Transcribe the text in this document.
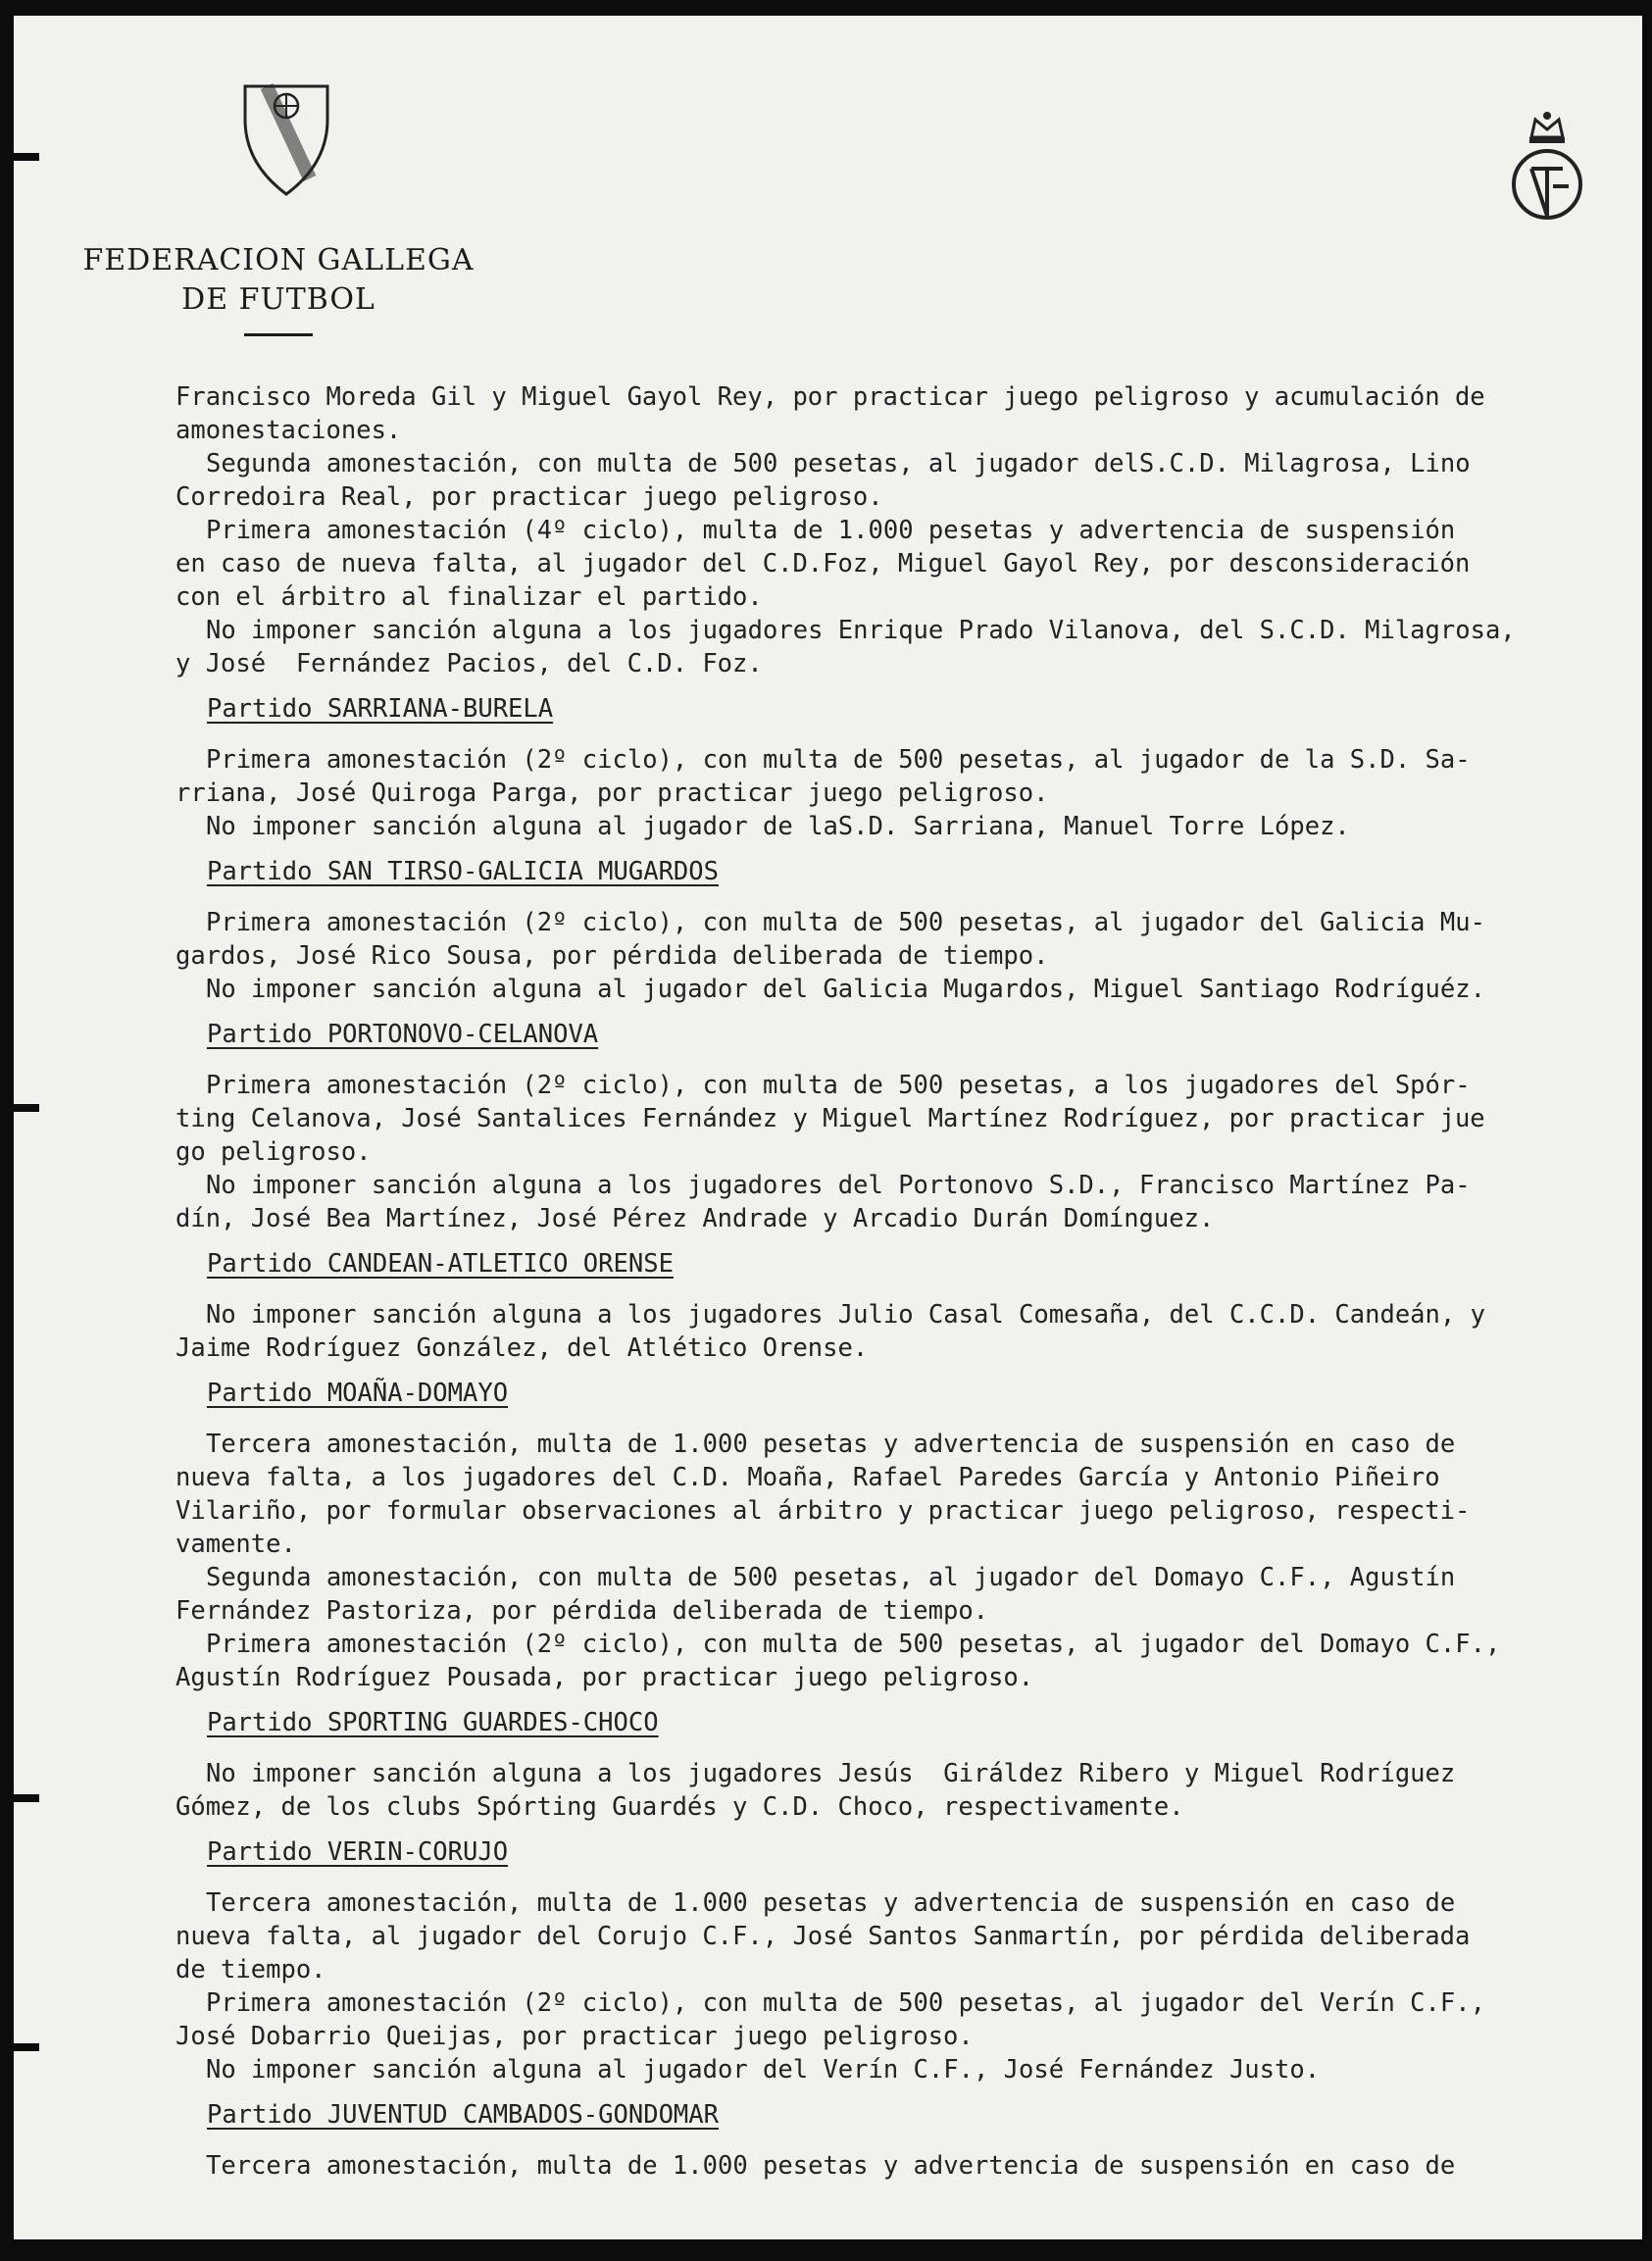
FEDERACION GALLEGA
DE FUTBOL
Francisco Moreda Gil y Miguel Gayol Rey, por practicar juego peligroso y acumulación de
amonestaciones.
Segunda amonestación, con multa de 500 pesetas, al jugador delS.C.D. Milagrosa, Lino
Corredoira Real, por practicar juego peligroso.
Primera amonestación (4º ciclo), multa de 1.000 pesetas y advertencia de suspensión
en caso de nueva falta, al jugador del C.D.Foz, Miguel Gayol Rey, por desconsideración
con el árbitro al finalizar el partido.
No imponer sanción alguna a los jugadores Enrique Prado Vilanova, del S.C.D. Milagrosa,
y José  Fernández Pacios, del C.D. Foz.
Partido SARRIANA-BURELA
Primera amonestación (2º ciclo), con multa de 500 pesetas, al jugador de la S.D. Sa-
rriana, José Quiroga Parga, por practicar juego peligroso.
No imponer sanción alguna al jugador de laS.D. Sarriana, Manuel Torre López.
Partido SAN TIRSO-GALICIA MUGARDOS
Primera amonestación (2º ciclo), con multa de 500 pesetas, al jugador del Galicia Mu-
gardos, José Rico Sousa, por pérdida deliberada de tiempo.
No imponer sanción alguna al jugador del Galicia Mugardos, Miguel Santiago Rodríguéz.
Partido PORTONOVO-CELANOVA
Primera amonestación (2º ciclo), con multa de 500 pesetas, a los jugadores del Spór-
ting Celanova, José Santalices Fernández y Miguel Martínez Rodríguez, por practicar jue
go peligroso.
No imponer sanción alguna a los jugadores del Portonovo S.D., Francisco Martínez Pa-
dín, José Bea Martínez, José Pérez Andrade y Arcadio Durán Domínguez.
Partido CANDEAN-ATLETICO ORENSE
No imponer sanción alguna a los jugadores Julio Casal Comesaña, del C.C.D. Candeán, y
Jaime Rodríguez González, del Atlético Orense.
Partido MOAÑA-DOMAYO
Tercera amonestación, multa de 1.000 pesetas y advertencia de suspensión en caso de
nueva falta, a los jugadores del C.D. Moaña, Rafael Paredes García y Antonio Piñeiro
Vilariño, por formular observaciones al árbitro y practicar juego peligroso, respecti-
vamente.
Segunda amonestación, con multa de 500 pesetas, al jugador del Domayo C.F., Agustín
Fernández Pastoriza, por pérdida deliberada de tiempo.
Primera amonestación (2º ciclo), con multa de 500 pesetas, al jugador del Domayo C.F.,
Agustín Rodríguez Pousada, por practicar juego peligroso.
Partido SPORTING GUARDES-CHOCO
No imponer sanción alguna a los jugadores Jesús  Giráldez Ribero y Miguel Rodríguez
Gómez, de los clubs Spórting Guardés y C.D. Choco, respectivamente.
Partido VERIN-CORUJO
Tercera amonestación, multa de 1.000 pesetas y advertencia de suspensión en caso de
nueva falta, al jugador del Corujo C.F., José Santos Sanmartín, por pérdida deliberada
de tiempo.
Primera amonestación (2º ciclo), con multa de 500 pesetas, al jugador del Verín C.F.,
José Dobarrio Queijas, por practicar juego peligroso.
No imponer sanción alguna al jugador del Verín C.F., José Fernández Justo.
Partido JUVENTUD CAMBADOS-GONDOMAR
Tercera amonestación, multa de 1.000 pesetas y advertencia de suspensión en caso de
